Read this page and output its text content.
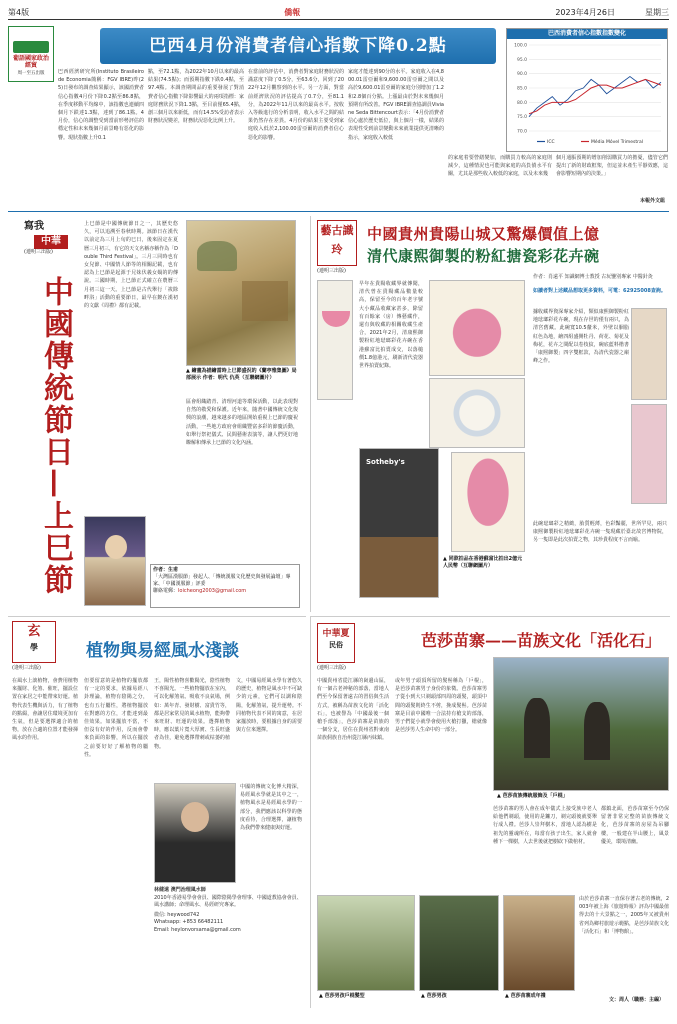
第4版	僑報	2023年4月26日	星期三
葡語國家政治經貿
周一至五出版
巴西4月份消費者信心指數下降0.2點
巴西經濟研究所(Instituto Brasileiro de Economia簡稱：FGV IBRE)昨(25)日發布的調查結果顯示，該國消費者信心指數4月份下降0.2點至86.8點，在季度移動平均線中，該指數也連續四個月下跌達1.3點，達到了86.1點。4月份，信心的調整受到當前形勢評估的穩定性和未來幾個月前景略有惡化的影響。現狀指數上升0.1
點，至72.1點，為2022年10月以來的最高結果(74.5點)；而預期指數下跌0.4點，至97.4點。本調查期間品的重要發展了對消費者信心指數下降影響最大的兩項指標：家庭財務狀況下降1.3點，至目前僅65.4點，創三個月以來新低，而有14.5%受訪者表示財務狀況變差，財務狀況惡化比例上升。
在當前的評估中，消費者對家庭財務狀況的滿意度下降了0.5分，至63.6分，回到了2022年12月觀察到的水平。另一方面，對當前經濟狀況的評估提高了0.7分，至81.1分，為2022年11月以來的最高水平。按收入等級進行的分析表明，收入水平之間的結果仍然存在差異。4月份的結果主要受到家庭收入低於2,100.00雷亞爾的消費者信心惡化的影響。
家庭才能達到90分的水平。家庭收入在4,800.01雷亞爾和9,600.00雷亞爾之間以及高於9,600.01雷亞爾的家庭分別增加了1.2和2.8個百分點。上漲最由於對未來幾個月預期有所改善。FGV IBRE調查協調員Viviane Seda Bittencourt表示：「4月份消費者信心處於歷史低位，與上個月一樣，結果的表現性受到前景變動未來就業提供更清晰的指示，家庭收入較低
的家庭着要營繕變加，而購買力較高的家庭則減少，這種情況也可能與家庭的高負債水平有關，尤其是那些收入較低的家庭，以及未來幾
個月通脹預期的增加削弱購買力的擔憂，儘管它們提出了新的財政框架，但這並未產生平靜效應，這會影響短期內的決策。」
本報外文組
巴西消費者信心指數指數變化
100.0
95.0
90.0
85.0
80.0
75.0
70.0
ICC	Média Móvel Trimestral
寫我
中華
(連明三出版)
中國傳統節日—上巳節
上巳節是中國傳統節日之一，其歷史悠久，可以追溯至春秋時期。該節日在漢代以前定為三月上旬的巳日，後來固定在夏曆三月初三，有它的天文名稱亦稱作為「Double Third Festival」。三月三同時也有女兒節、中國情人節等的相關記載，也有認為上巳節是起源于兄妹伏羲女媧的的傳說。三國時期，上巳節正式確立在農曆三月初三這一天。上巳節是古代舉行「祓除畔浴」活動的重要節日，最早在鍍在漢初的文獻《周禮》都有記載。
▲ 繪畫為描繪當時上巳節盛況的《蘭亭雅集圖》局部展示 作者：明代 仇英（互聯網圖片）
區會組織踏青、清理河道等環保活動，以此表現對自然的敬愛和保護。近年來，隨著中國傳統文化復興的浪潮，越來越多的地區開始重視上巳節的慶祝活動，一些地方政府會組織豐富多彩的節慶活動，如舉行祭祀儀式、民間藝術表演等，讓人們更好地瞭解和傳承上巳節的文化內涵。
作者：生甫
「大灣區漢服節」發起人、「傳統漢服文化歷史與發展論壇」專家、「中國漢服節」評委
聯絡電郵：loicheong2003@gmail.com
藝古識玲
(連明三出版)
中國貴州貴陽山城又驚爆價值上億
清代康熙御製的粉紅搪瓷彩花卉碗
早年在貴陽收藏界就傳聞，清代曾在貴陽藏品數量較高，保留至今的百年老字號大小藏品收藏家甚多，除留有百餘家（房）傳藝藏作，還有與收藏的相關收藏生產合，2021年2月，清康熙御製粉紅地琺瑯彩花卉碗在香港蘇富比拍賣成交，以落槌價1.8億港元，刷新清代瓷器世界拍賣紀錄。
Sotheby's
▲ 同款拍品在香港蘇富比拍出2億元人民幣（互聯網圖片）
作者：肖遠平 知識網博士教授 古玩鑒別專家 中醫針灸
如讀者對上述藏品想取更多資料，可電：62925008查詢。
據收藏界資深專家介紹，類似康熙御製粉紅地琺瑯彩花卉碗，現在存世的僅有兩只，為清宮舊藏。此碗寬10.5釐米，外壁以胭脂紅色為地，繪四組盛開牡丹、荷花、菊花及梅花，花卉之間配以卷枝紋，碗底藍料楷書「康熙御製」四字雙框款，為清代瓷器之巔峰之作。
此碗琺瑯彩之精緻，胎質輕薄，色彩豔麗，世所罕見，兩只康熙御製粉紅地琺瑯彩花卉碗一隻現藏於臺北故宮博物院，另一隻即是此次拍賣之物，其珍貴程度不言而喻。
中華夏
民俗
(連明三出版)
芭莎苗寨——苗族文化「活化石」
中國貴州省從江縣的崗邊山區，有一個古老神秘的部落，當地人們至今保留著遠古的習俗與生活方式，被稱為苗族文化的「活化石」，也被譽為「中國最後一個槍手部落」，芭莎苗寨是苗族的一個分支，居住在貴州省黔東南苗族侗族自治州從江縣丙妹鎮。
或年男子頭頂所留的髮髻稱為「戶棍」，是芭莎苗寨男子身份的象徵。芭莎苗寨男子從小到大只剃頭部四周的頭髮，頭頂中間的頭髮則終生不剪，挽成髮髻。芭莎苗寨是目前中國唯一合法持有槍支的部落，男子們從小就學會使用火槍打獵，槍就像是芭莎男人生命中的一部分。
▲ 芭莎苗族傳統服飾及「戶棍」
芭莎苗寨的男人會在成年儀式上接受族中老人給他們剃頭，使用的是鐮刀，剃完頭後就要舉行成人禮。芭莎人崇拜樹木，當地人認為樹是祖先的靈魂所在，每當有孩子出生，家人就會種下一棵樹，人去世後就把樹砍下做棺材。
都鎮北面，芭莎苗寨至今仍保留著非常完整的苗族傳統文化，芭莎苗寨的房屋為吊腳樓，一般建在半山腰上，風景優美，環境清幽。
▲ 芭莎男孩戶棍髮型	▲ 芭莎男孩	▲ 芭莎苗寨成年禮
由於芭莎苗寨一直保存著古老的傳統，2003年被上海《旅遊時報》評為中國最值得去的十大景點之一，2005年又被貴州省列為鄉村旅遊示範點，是芭莎苗族文化「活化石」和「博物館」。
文：周人（職務：主編）
玄
學
(逢明三出版)
植物與易經風水淺談
在風水上談植物，會費用植物來擺財、化煞、催旺，擺設位置在家居之中能帶來好運。植物代表生機與活力，有了植物的點綴，會讓居住環境更加有生氣，但是要選擇適合的植物，放在合適的位置才能發揮風水的作用。
但要留意的是植物的擺放都有一定的要求，依據易經八卦理論，植物有陰陽之分，也有五行屬性，將植物擺放在對應的方位，才能達到最佳效果。如果擺放不當，不但沒有好的作用，反而會帶來負面的影響，所以在擺放之前要好好了解植物的屬性。
王，陽性植物喜歡陽光，陰性植物不喜陽光。一些植物擺放在室內，可以化解煞氣、吸收不良氣場，例如：萬年青、發財樹、富貴竹等，都是居家常見的風水植物，能夠帶來旺財、旺運的效果。選擇植物時，應以葉片寬大厚實、生長旺盛者為佳，避免選擇帶刺或枯萎的植物。
文，中國易經風水學有著悠久的歷史，植物是風水中不可缺少的元素，它們可以調和陰陽，化解煞氣，提升運勢。不同植物代表不同的寓意，在居家擺放時，要根據自身的需要與方位來選擇。
中國的傳統文化博大精深，易經風水學就是其中之一，植物風水是易經風水學的一部分，我們應該以科學的態度看待，合理選擇，讓植物為我們帶來健康與好運。
林健遠 澳門治理風水師
2010年香港易學會會員、國際陰陽學會理事、中國道教協會會員、風水講師；命理風水、易經研究專家。
微信: heywood742
Whatsapp: +853 66482111
Email: heylonvorsama@gmail.com
